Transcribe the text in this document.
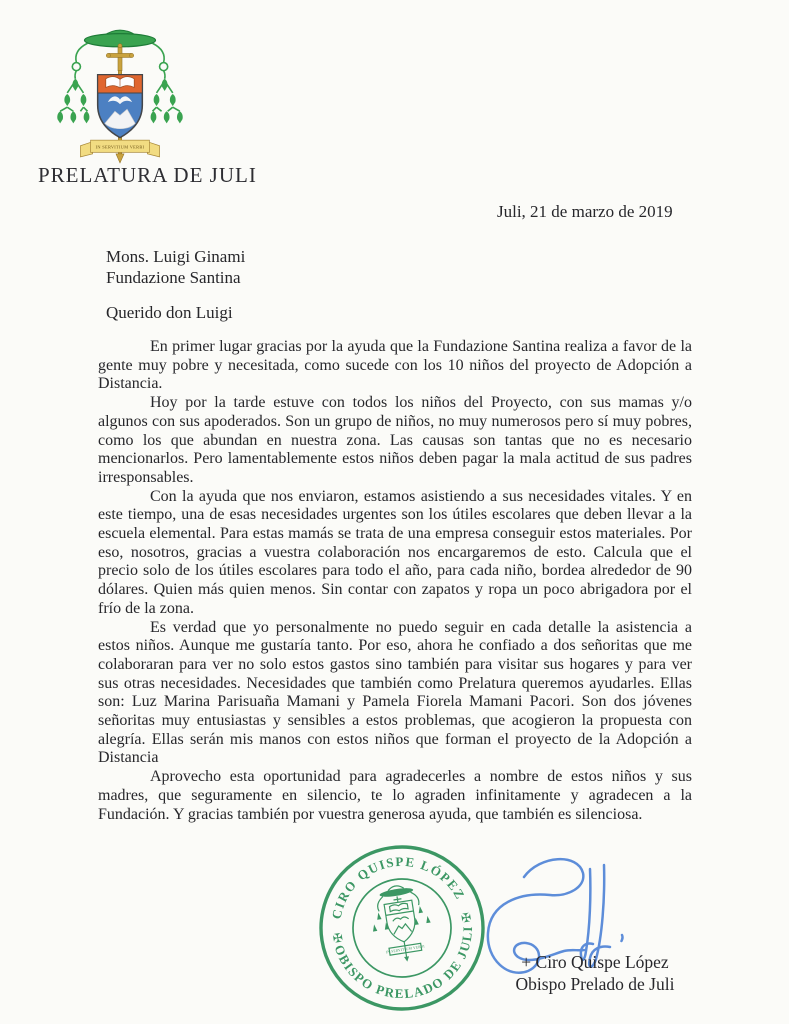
IN SERVITIUM VERBI
PRELATURA DE JULI
Juli, 21 de marzo de 2019
Mons. Luigi Ginami
Fundazione Santina
Querido don Luigi

En primer lugar gracias por la ayuda que la Fundazione Santina realiza a favor de la gente muy pobre y necesitada, como sucede con los 10 niños del proyecto de Adopción a Distancia.

Hoy por la tarde estuve con todos los niños del Proyecto, con sus mamas y/o algunos con sus apoderados. Son un grupo de niños, no muy numerosos pero sí muy pobres, como los que abundan en nuestra zona. Las causas son tantas que no es necesario mencionarlos. Pero lamentablemente estos niños deben pagar la mala actitud de sus padres irresponsables.

Con la ayuda que nos enviaron, estamos asistiendo a sus necesidades vitales. Y en este tiempo, una de esas necesidades urgentes son los útiles escolares que deben llevar a la escuela elemental. Para estas mamás se trata de una empresa conseguir estos materiales. Por eso, nosotros, gracias a vuestra colaboración nos encargaremos de esto. Calcula que el precio solo de los útiles escolares para todo el año, para cada niño, bordea alrededor de 90 dólares. Quien más quien menos. Sin contar con zapatos y ropa un poco abrigadora por el frío de la zona.

Es verdad que yo personalmente no puedo seguir en cada detalle la asistencia a estos niños. Aunque me gustaría tanto. Por eso, ahora he confiado a dos señoritas que me colaboraran para ver no solo estos gastos sino también para visitar sus hogares y para ver sus otras necesidades. Necesidades que también como Prelatura queremos ayudarles. Ellas son: Luz Marina Parisuaña Mamani y Pamela Fiorela Mamani Pacori. Son dos jóvenes señoritas muy entusiastas y sensibles a estos problemas, que acogieron la propuesta con alegría. Ellas serán mis manos con estos niños que forman el proyecto de la Adopción a Distancia

Aprovecho esta oportunidad para agradecerles a nombre de estos niños y sus madres, que seguramente en silencio, te lo agraden infinitamente y agradecen a la Fundación. Y gracias también por vuestra generosa ayuda, que también es silenciosa.

CIRO QUISPE LÓPEZ
OBISPO PRELADO DE JULI
✠
✠
IN SERVITIUM VERBI
+ Ciro Quispe López
Obispo Prelado de Juli
